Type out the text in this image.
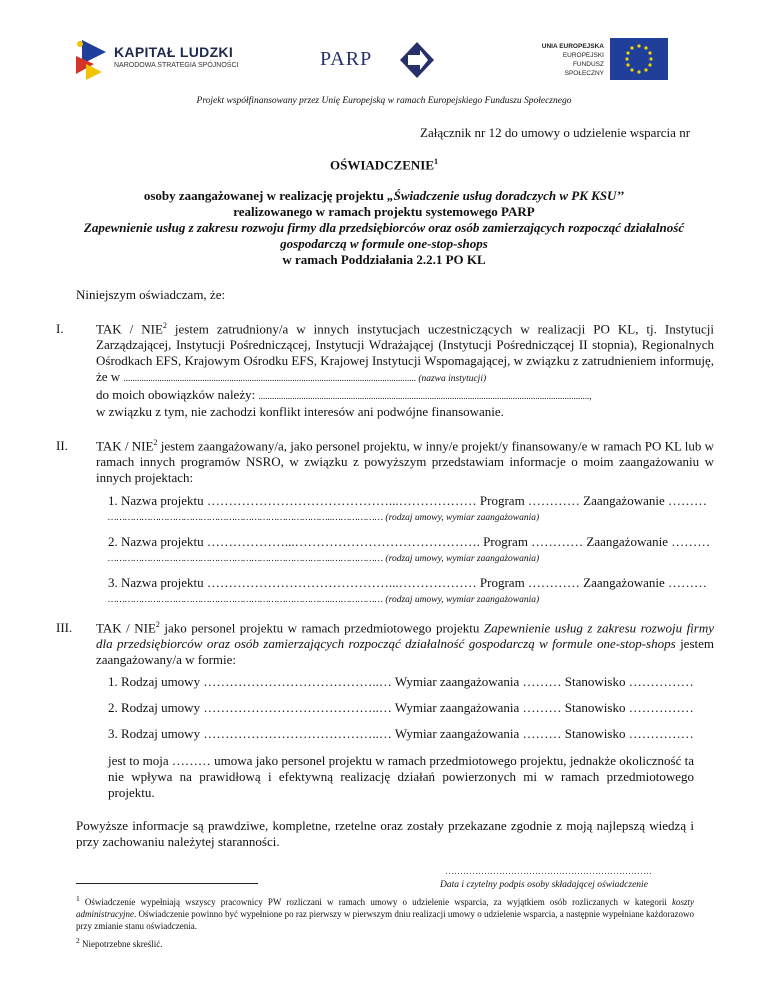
KAPITAŁ LUDZKI
NARODOWA STRATEGIA SPÓJNOŚCI	PARP
UNIA EUROPEJSKA
EUROPEJSKI
FUNDUSZ SPOŁECZNY
Projekt współfinansowany przez Unię Europejską w ramach Europejskiego Funduszu Społecznego
Załącznik nr 12 do umowy o udzielenie wsparcia nr
OŚWIADCZENIE$^1$
osoby zaangażowanej w realizację projektu „Świadczenie usług doradczych w PK KSU’’
realizowanego w ramach projektu systemowego PARP
Zapewnienie usług z zakresu rozwoju firmy dla przedsiębiorców oraz osób zamierzających rozpocząć działalność
gospodarczą w formule one-stop-shops
w ramach Poddziałania 2.2.1 PO KL
Niniejszym oświadczam, że:
I. TAK / NIE$^2$ jestem zatrudniony/a w innych instytucjach uczestniczących w realizacji PO KL, tj. Instytucji Zarządzającej, Instytucji Pośredniczącej, Instytucji Wdrażającej (Instytucji Pośredniczącej II stopnia), Regionalnych Ośrodkach EFS, Krajowym Ośrodku EFS, Krajowej Instytucji Wspomagającej, w związku z zatrudnieniem informuję, że w .................................................................................................................................. (nazwa instytucji)
do moich obowiązków należy: ...................................................................................................................................................,
w związku z tym, nie zachodzi konflikt interesów ani podwójne finansowanie.
II. TAK / NIE$^2$ jestem zaangażowany/a, jako personel projektu, w inny/e projekt/y finansowany/e w ramach PO KL lub w ramach innych programów NSRO, w związku z powyższym przedstawiam informacje o moim zaangażowaniu w innych projektach:
1. Nazwa projektu ……………………………………...……………… Program ………… Zaangażowanie ………
……………………………………………………………………..……………… (rodzaj umowy, wymiar zaangażowania)
2. Nazwa projektu ………………...……………………………………. Program ………… Zaangażowanie ………
……………………………………………………………………..……………… (rodzaj umowy, wymiar zaangażowania)
3. Nazwa projektu ……………………………………...……………… Program ………… Zaangażowanie ………
……………………………………………………………………..……………… (rodzaj umowy, wymiar zaangażowania)
III. TAK / NIE$^2$ jako personel projektu w ramach przedmiotowego projektu Zapewnienie usług z zakresu rozwoju firmy dla przedsiębiorców oraz osób zamierzających rozpocząć działalność gospodarczą w formule one-stop-shops jestem zaangażowany/a w formie:
1. Rodzaj umowy …………………………………..… Wymiar zaangażowania ……… Stanowisko ……………
2. Rodzaj umowy …………………………………..… Wymiar zaangażowania ……… Stanowisko ……………
3. Rodzaj umowy …………………………………..… Wymiar zaangażowania ……… Stanowisko ……………
jest to moja ……… umowa jako personel projektu w ramach przedmiotowego projektu, jednakże okoliczność ta nie wpływa na prawidłową i efektywną realizację działań powierzonych mi w ramach przedmiotowego projektu.
Powyższe informacje są prawdziwe, kompletne, rzetelne oraz zostały przekazane zgodnie z moją najlepszą wiedzą i przy zachowaniu należytej staranności.
……………………………………………………………
Data i czytelny podpis osoby składającej oświadczenie
$^1$ Oświadczenie wypełniają wszyscy pracownicy PW rozliczani w ramach umowy o udzielenie wsparcia, za wyjątkiem osób rozliczanych w kategorii koszty administracyjne. Oświadczenie powinno być wypełnione po raz pierwszy w pierwszym dniu realizacji umowy o udzielenie wsparcia, a następnie wypełniane każdorazowo przy zmianie stanu oświadczenia.
$^2$ Niepotrzebne skreślić.
